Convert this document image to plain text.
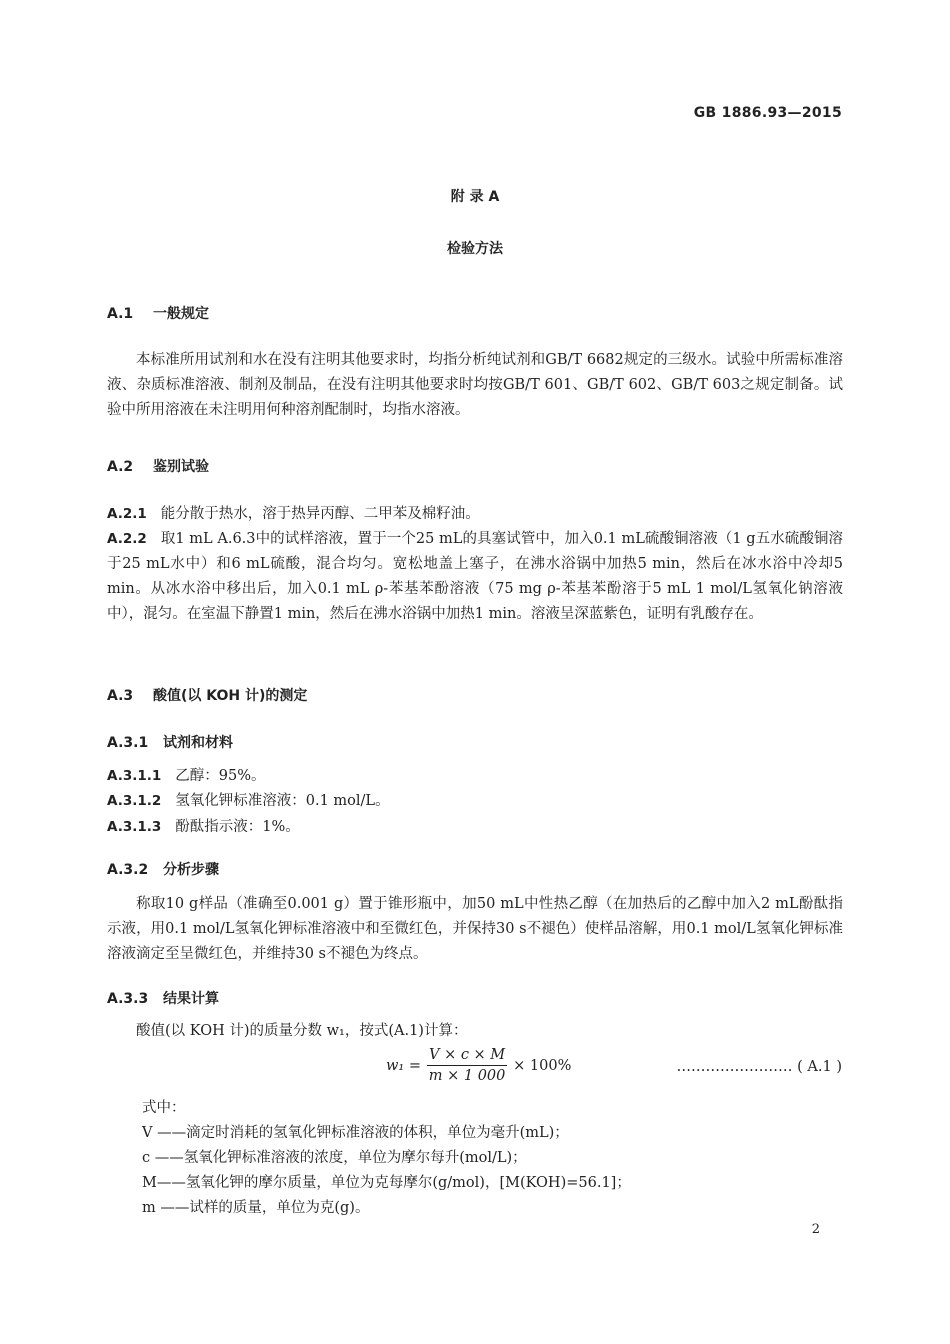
GB 1886.93—2015
附 录 A
检验方法
A.1 一般规定
本标准所用试剂和水在没有注明其他要求时，均指分析纯试剂和GB/T 6682规定的三级水。试验中所需标准溶液、杂质标准溶液、制剂及制品，在没有注明其他要求时均按GB/T 601、GB/T 602、GB/T 603之规定制备。试验中所用溶液在未注明用何种溶剂配制时，均指水溶液。
A.2 鉴别试验
A.2.1 能分散于热水，溶于热异丙醇、二甲苯及棉籽油。
A.2.2 取1 mL A.6.3中的试样溶液，置于一个25 mL的具塞试管中，加入0.1 mL硫酸铜溶液（1 g五水硫酸铜溶于25 mL水中）和6 mL硫酸，混合均匀。宽松地盖上塞子，在沸水浴锅中加热5 min，然后在冰水浴中冷却5 min。从冰水浴中移出后，加入0.1 mL ρ-苯基苯酚溶液（75 mg ρ-苯基苯酚溶于5 mL 1 mol/L氢氧化钠溶液中），混匀。在室温下静置1 min，然后在沸水浴锅中加热1 min。溶液呈深蓝紫色，证明有乳酸存在。
A.3 酸值(以 KOH 计)的测定
A.3.1 试剂和材料
A.3.1.1 乙醇：95%。
A.3.1.2 氢氧化钾标准溶液：0.1 mol/L。
A.3.1.3 酚酞指示液：1%。
A.3.2 分析步骤
称取10 g样品（准确至0.001 g）置于锥形瓶中，加50 mL中性热乙醇（在加热后的乙醇中加入2 mL酚酞指示液，用0.1 mol/L氢氧化钾标准溶液中和至微红色，并保持30 s不褪色）使样品溶解，用0.1 mol/L氢氧化钾标准溶液滴定至呈微红色，并维持30 s不褪色为终点。
A.3.3 结果计算
酸值(以 KOH 计)的质量分数 w₁，按式(A.1)计算：
$w_1 = \frac{V \times c \times M}{m \times 1 000} \times 100\%$	…………………… ( A.1 )
式中：
V ——滴定时消耗的氢氧化钾标准溶液的体积，单位为毫升(mL)；
c ——氢氧化钾标准溶液的浓度，单位为摩尔每升(mol/L)；
M——氢氧化钾的摩尔质量，单位为克每摩尔(g/mol)，[M(KOH)=56.1]；
m ——试样的质量，单位为克(g)。
2
